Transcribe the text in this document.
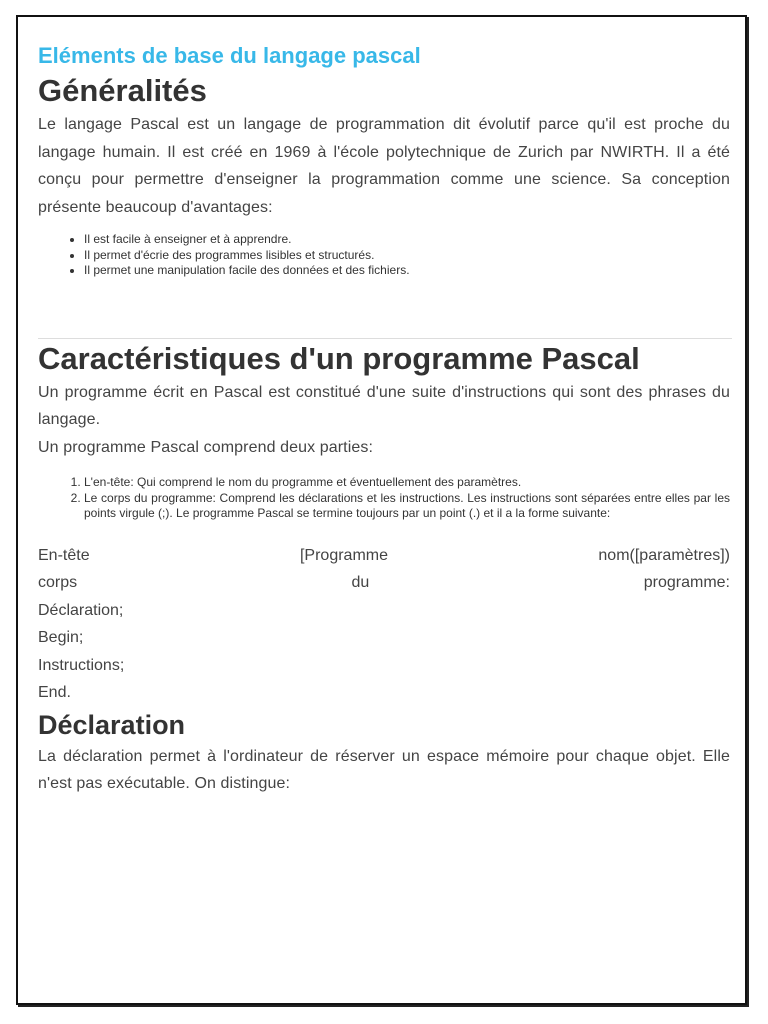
Eléments de base du langage pascal
Généralités

Le langage Pascal est un langage de programmation dit évolutif parce qu'il est proche du langage humain. Il est créé en 1969 à l'école polytechnique de Zurich par NWIRTH. Il a été conçu pour permettre d'enseigner la programmation comme une science. Sa conception présente beaucoup d'avantages:

• Il est facile à enseigner et à apprendre.
• Il permet d'écrie des programmes lisibles et structurés.
• Il permet une manipulation facile des données et des fichiers.
Caractéristiques d'un programme Pascal

Un programme écrit en Pascal est constitué d'une suite d'instructions qui sont des phrases du langage.
Un programme Pascal comprend deux parties:

1. L'en-tête: Qui comprend le nom du programme et éventuellement des paramètres.
2. Le corps du programme: Comprend les déclarations et les instructions. Les instructions sont séparées entre elles par les points virgule (;). Le programme Pascal se termine toujours par un point (.) et il a la forme suivante:
En-tête	[Programme	nom([paramètres])
corps	du	programme:
Déclaration;
Begin;
Instructions;
End.
Déclaration

La déclaration permet à l'ordinateur de réserver un espace mémoire pour chaque objet. Elle n'est pas exécutable. On distingue:
